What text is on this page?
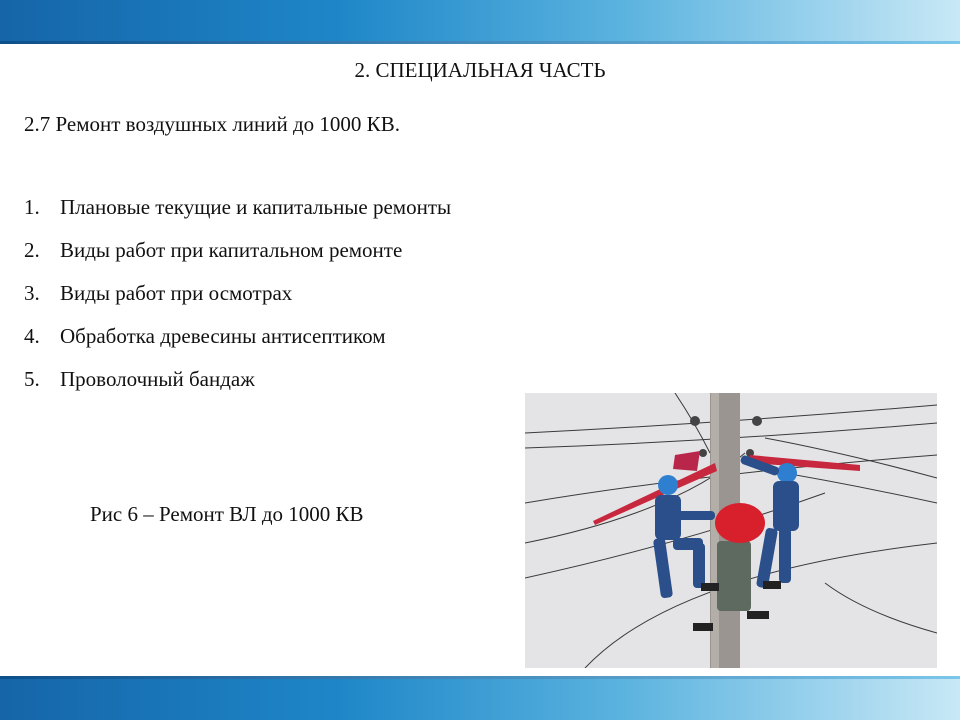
2. СПЕЦИАЛЬНАЯ ЧАСТЬ
2.7 Ремонт воздушных линий до 1000 КВ.
1. Плановые текущие и капитальные ремонты
2. Виды работ при капитальном ремонте
3. Виды работ при осмотрах
4. Обработка древесины антисептиком
5. Проволочный бандаж
Рис 6 – Ремонт ВЛ до 1000 КВ
